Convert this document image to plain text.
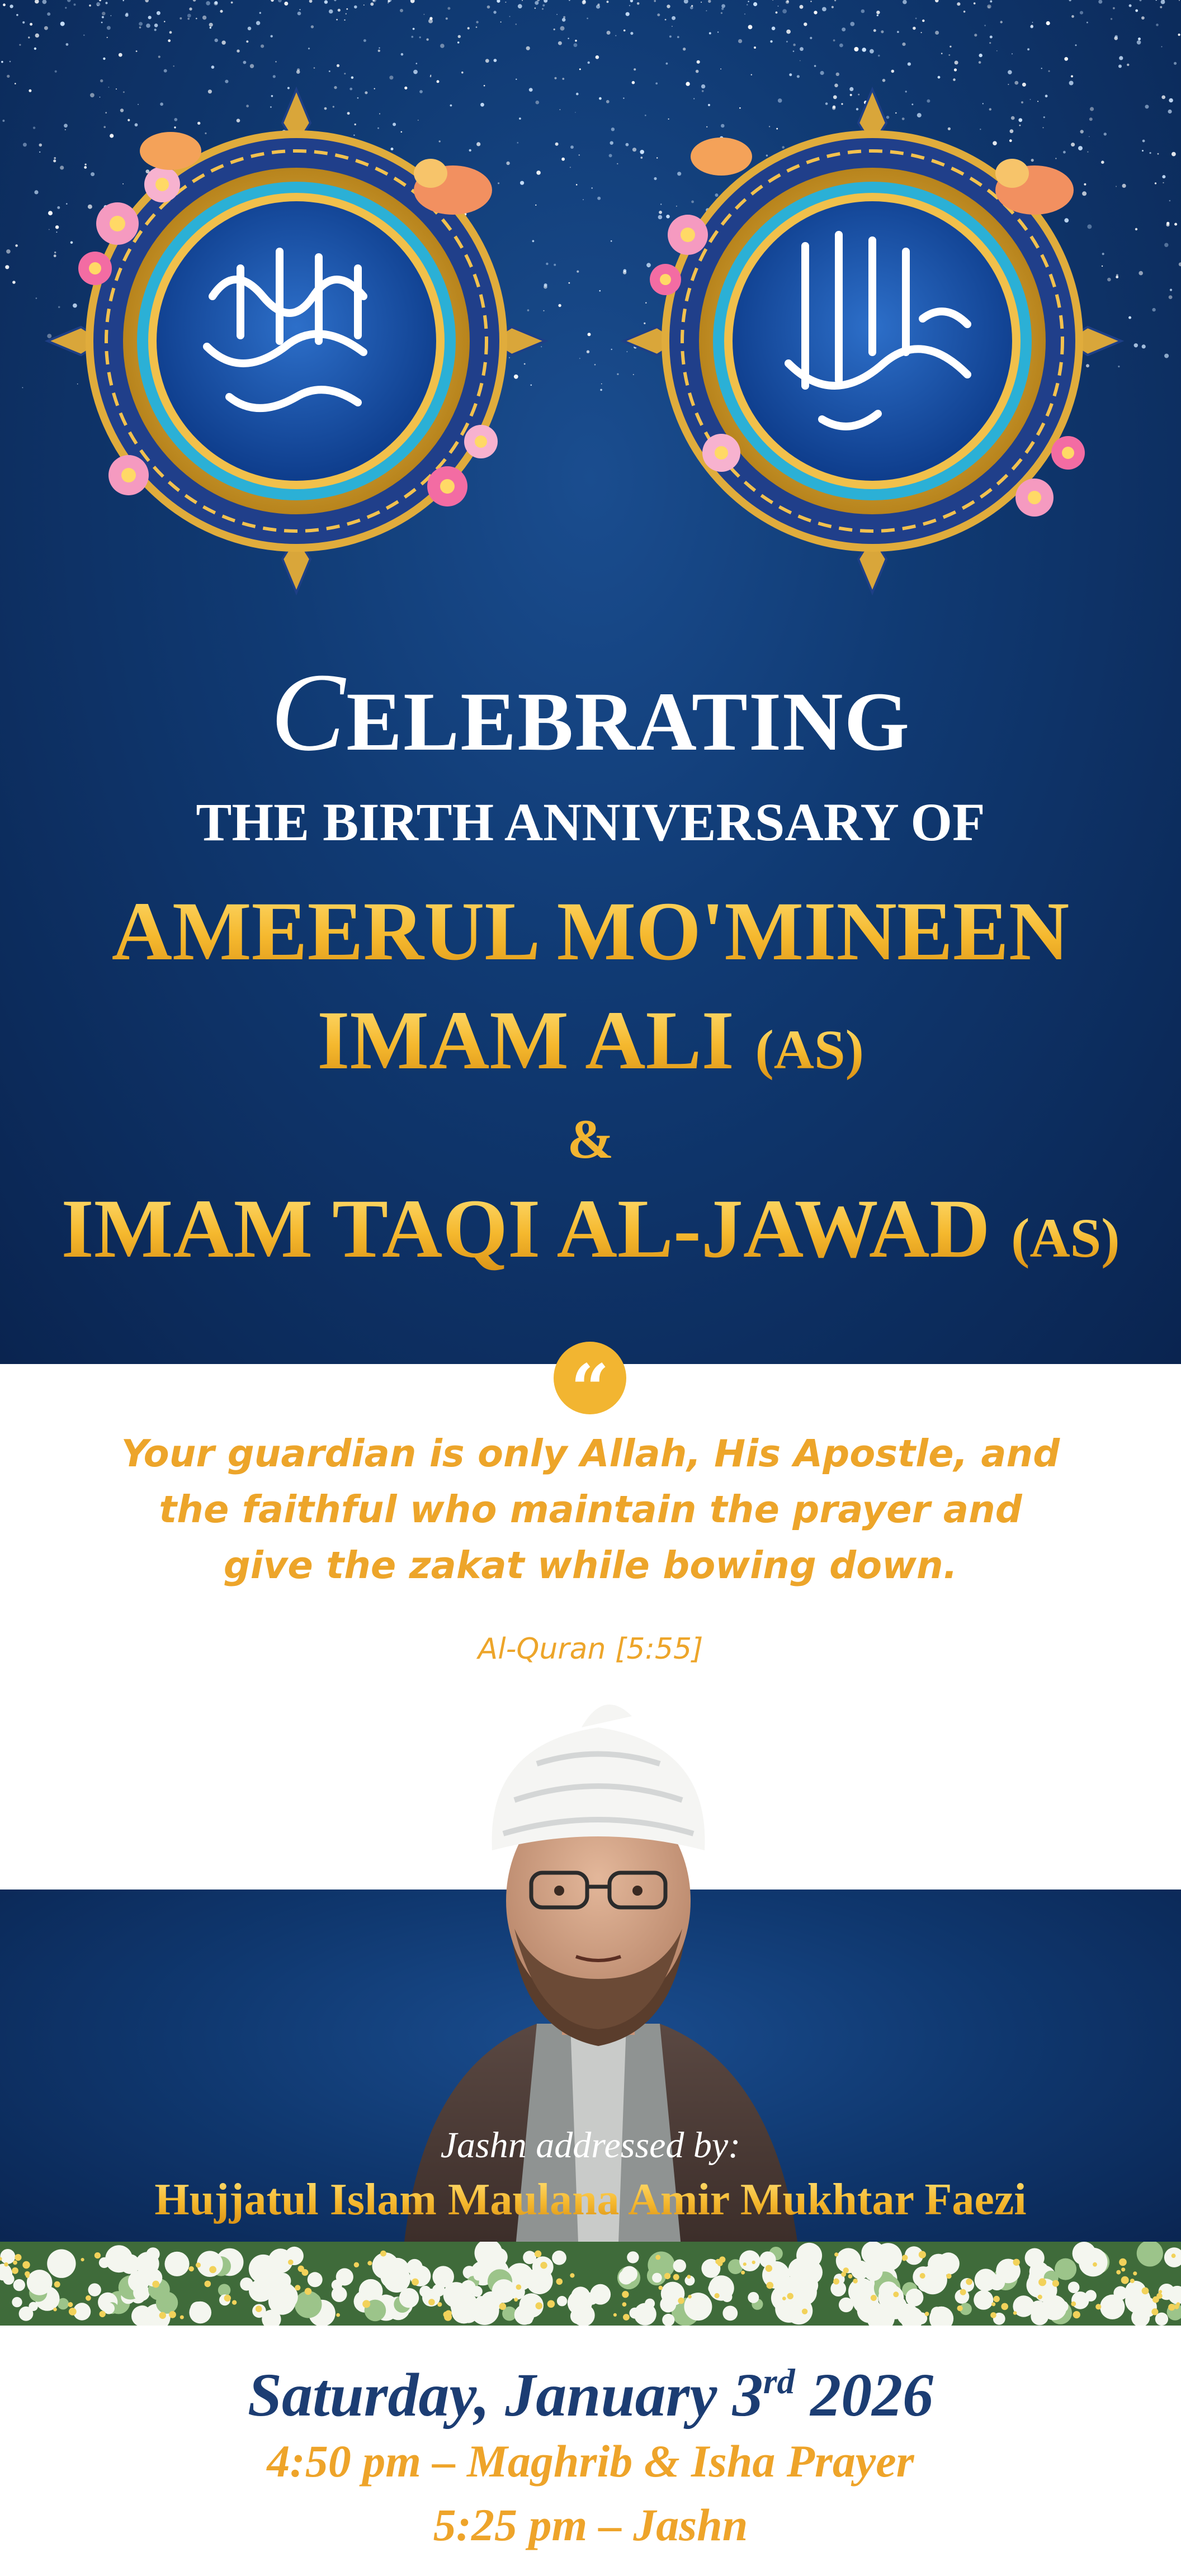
CELEBRATING
THE BIRTH ANNIVERSARY OF
AMEERUL MO'MINEEN
IMAM ALI (AS)
&
IMAM TAQI AL-JAWAD (AS)
“
Your guardian is only Allah, His Apostle, and
the faithful who maintain the prayer and
give the zakat while bowing down.
Al-Quran [5:55]
Jashn addressed by:
Hujjatul Islam Maulana Amir Mukhtar Faezi
Saturday, January 3rd 2026
4:50 pm – Maghrib & Isha Prayer
5:25 pm – Jashn
